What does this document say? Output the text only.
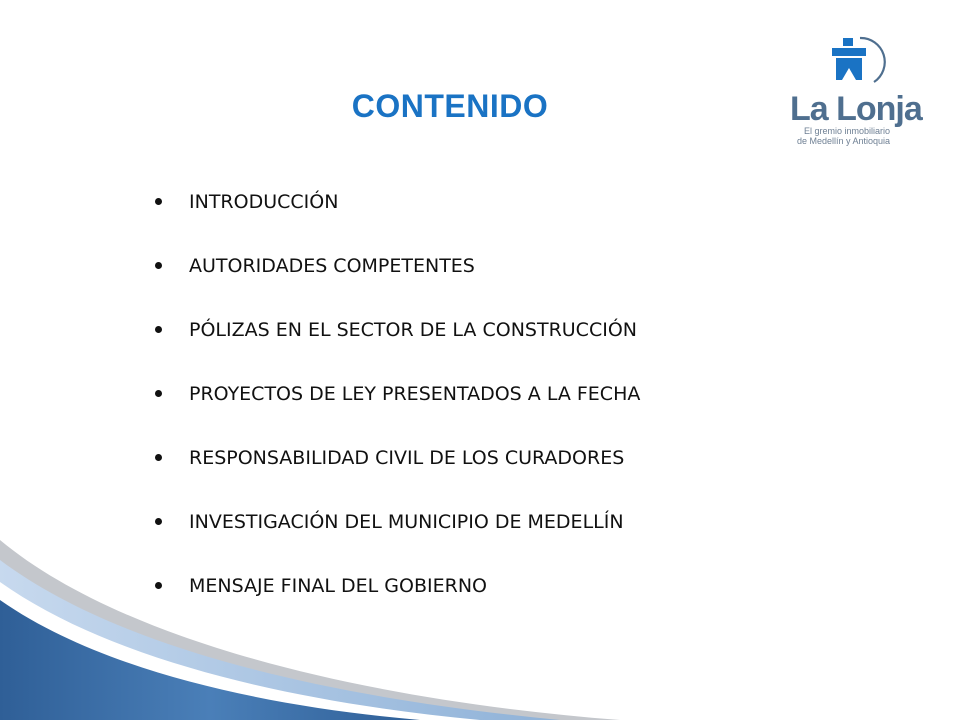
CONTENIDO	La Lonja
El gremio inmobiliario
de Medellín y Antioquia
INTRODUCCIÓN
AUTORIDADES COMPETENTES
PÓLIZAS EN EL SECTOR DE LA CONSTRUCCIÓN
PROYECTOS DE LEY PRESENTADOS A LA FECHA
RESPONSABILIDAD CIVIL DE LOS CURADORES
INVESTIGACIÓN DEL MUNICIPIO DE MEDELLÍN
MENSAJE FINAL DEL GOBIERNO
